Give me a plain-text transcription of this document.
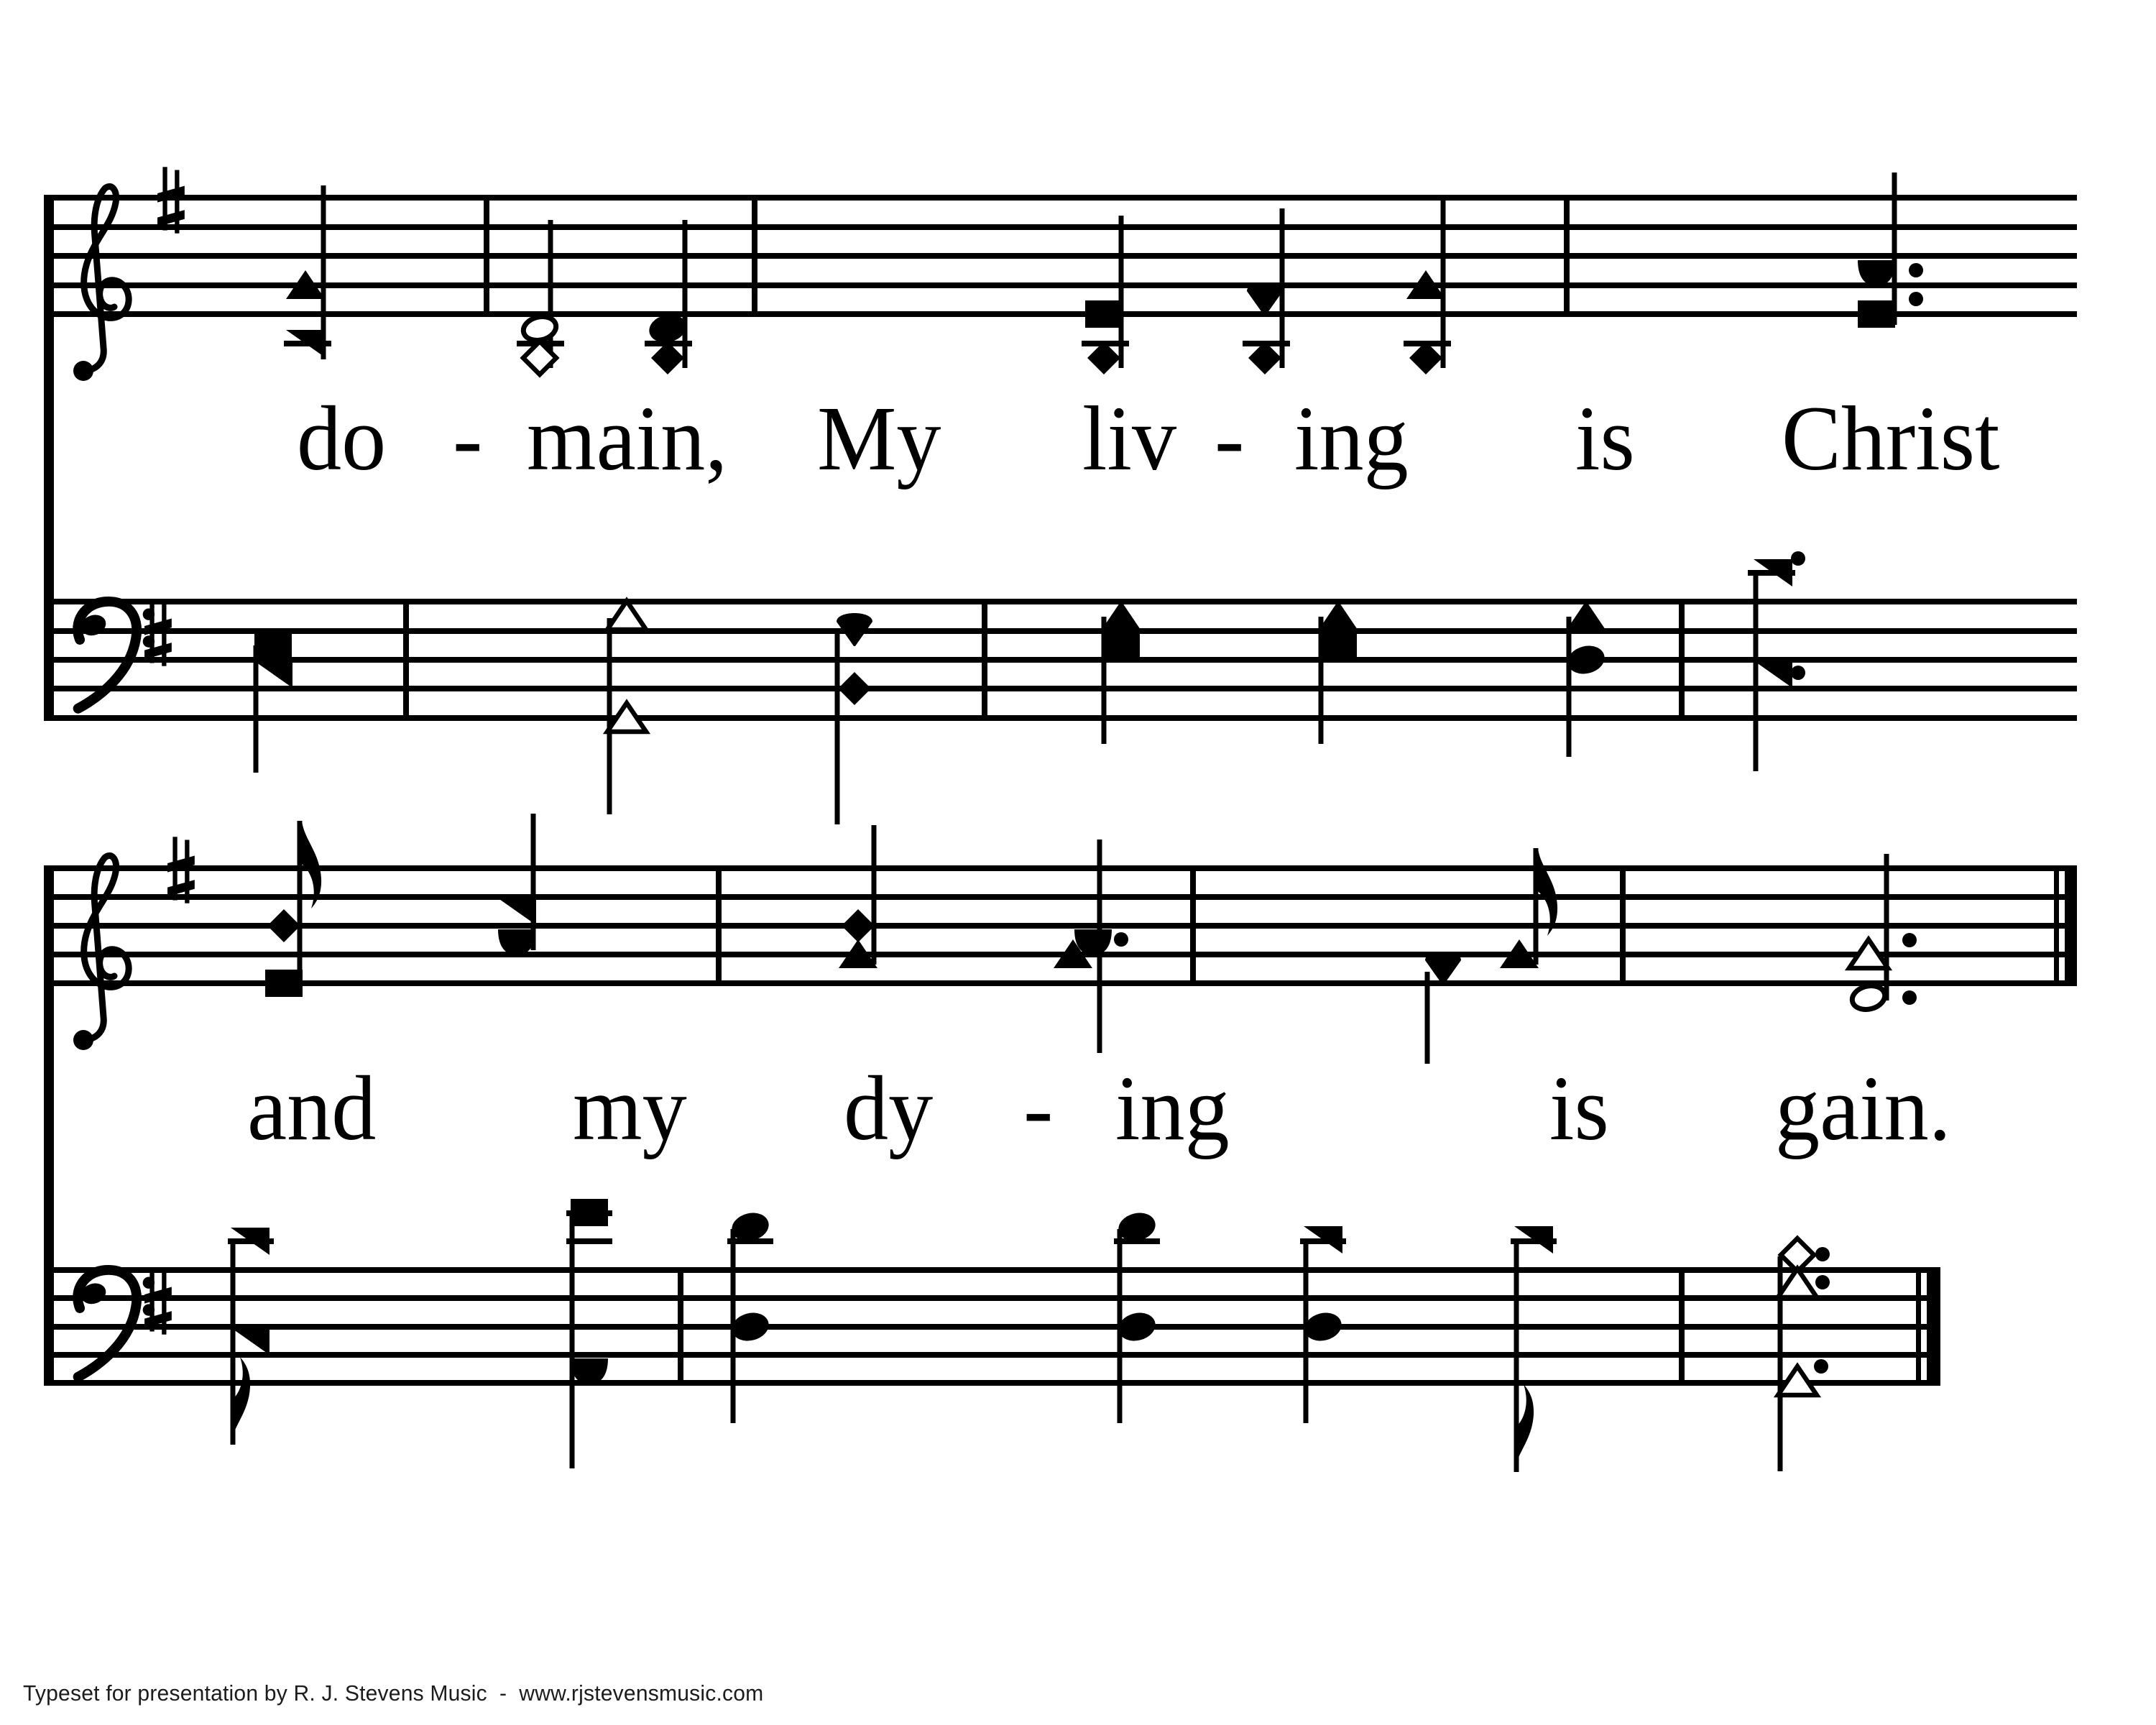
do - main, My liv - ing is Christ
and my dy - ing	is gain.
Typeset for presentation by R. J. Stevens Music  -  www.rjstevensmusic.com
